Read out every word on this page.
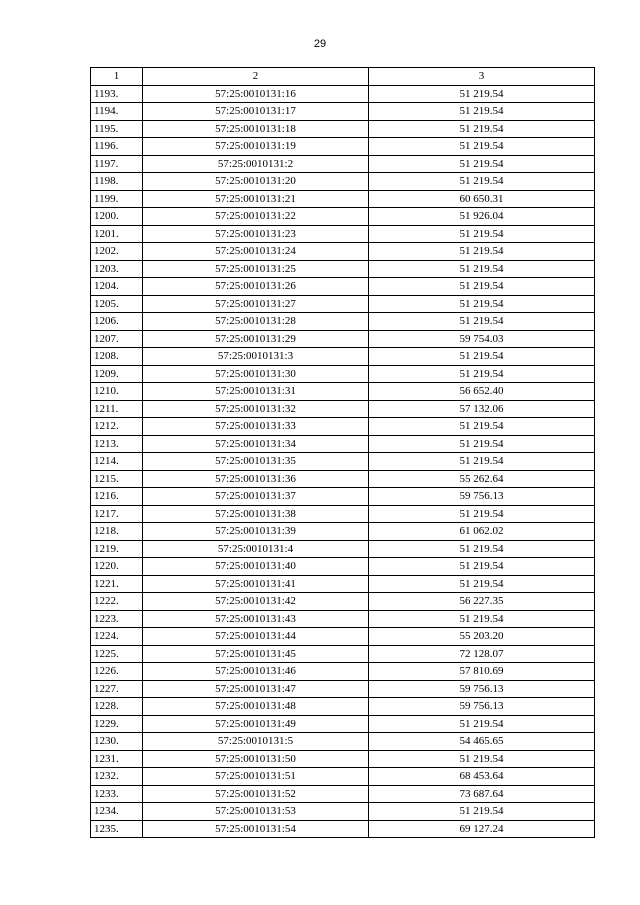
29
1	2	3
1193.	57:25:0010131:16	51 219.54
1194.	57:25:0010131:17	51 219.54
1195.	57:25:0010131:18	51 219.54
1196.	57:25:0010131:19	51 219.54
1197.	57:25:0010131:2	51 219.54
1198.	57:25:0010131:20	51 219.54
1199.	57:25:0010131:21	60 650.31
1200.	57:25:0010131:22	51 926.04
1201.	57:25:0010131:23	51 219.54
1202.	57:25:0010131:24	51 219.54
1203.	57:25:0010131:25	51 219.54
1204.	57:25:0010131:26	51 219.54
1205.	57:25:0010131:27	51 219.54
1206.	57:25:0010131:28	51 219.54
1207.	57:25:0010131:29	59 754.03
1208.	57:25:0010131:3	51 219.54
1209.	57:25:0010131:30	51 219.54
1210.	57:25:0010131:31	56 652.40
1211.	57:25:0010131:32	57 132.06
1212.	57:25:0010131:33	51 219.54
1213.	57:25:0010131:34	51 219.54
1214.	57:25:0010131:35	51 219.54
1215.	57:25:0010131:36	55 262.64
1216.	57:25:0010131:37	59 756.13
1217.	57:25:0010131:38	51 219.54
1218.	57:25:0010131:39	61 062.02
1219.	57:25:0010131:4	51 219.54
1220.	57:25:0010131:40	51 219.54
1221.	57:25:0010131:41	51 219.54
1222.	57:25:0010131:42	56 227.35
1223.	57:25:0010131:43	51 219.54
1224.	57:25:0010131:44	55 203.20
1225.	57:25:0010131:45	72 128.07
1226.	57:25:0010131:46	57 810.69
1227.	57:25:0010131:47	59 756.13
1228.	57:25:0010131:48	59 756.13
1229.	57:25:0010131:49	51 219.54
1230.	57:25:0010131:5	54 465.65
1231.	57:25:0010131:50	51 219.54
1232.	57:25:0010131:51	68 453.64
1233.	57:25:0010131:52	73 687.64
1234.	57:25:0010131:53	51 219.54
1235.	57:25:0010131:54	69 127.24
